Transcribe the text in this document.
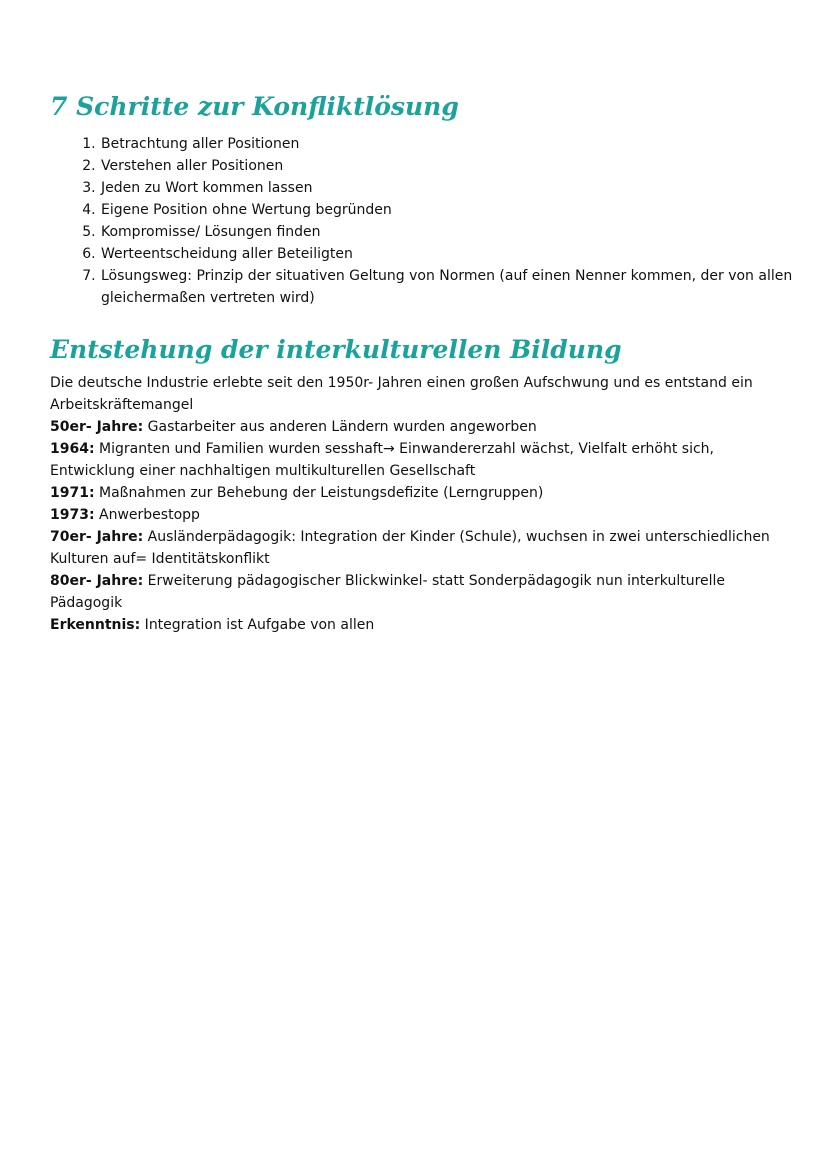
7 Schritte zur Konfliktlösung
1. Betrachtung aller Positionen
2. Verstehen aller Positionen
3. Jeden zu Wort kommen lassen
4. Eigene Position ohne Wertung begründen
5. Kompromisse/ Lösungen finden
6. Werteentscheidung aller Beteiligten
7. Lösungsweg: Prinzip der situativen Geltung von Normen (auf einen Nenner kommen, der von allen gleichermaßen vertreten wird)
Entstehung der interkulturellen Bildung

Die deutsche Industrie erlebte seit den 1950r- Jahren einen großen Aufschwung und es entstand ein Arbeitskräftemangel

50er- Jahre: Gastarbeiter aus anderen Ländern wurden angeworben

1964: Migranten und Familien wurden sesshaft→ Einwandererzahl wächst, Vielfalt erhöht sich, Entwicklung einer nachhaltigen multikulturellen Gesellschaft

1971: Maßnahmen zur Behebung der Leistungsdefizite (Lerngruppen)

1973: Anwerbestopp

70er- Jahre: Ausländerpädagogik: Integration der Kinder (Schule), wuchsen in zwei unterschiedlichen Kulturen auf= Identitätskonflikt

80er- Jahre: Erweiterung pädagogischer Blickwinkel- statt Sonderpädagogik nun interkulturelle Pädagogik

Erkenntnis: Integration ist Aufgabe von allen
